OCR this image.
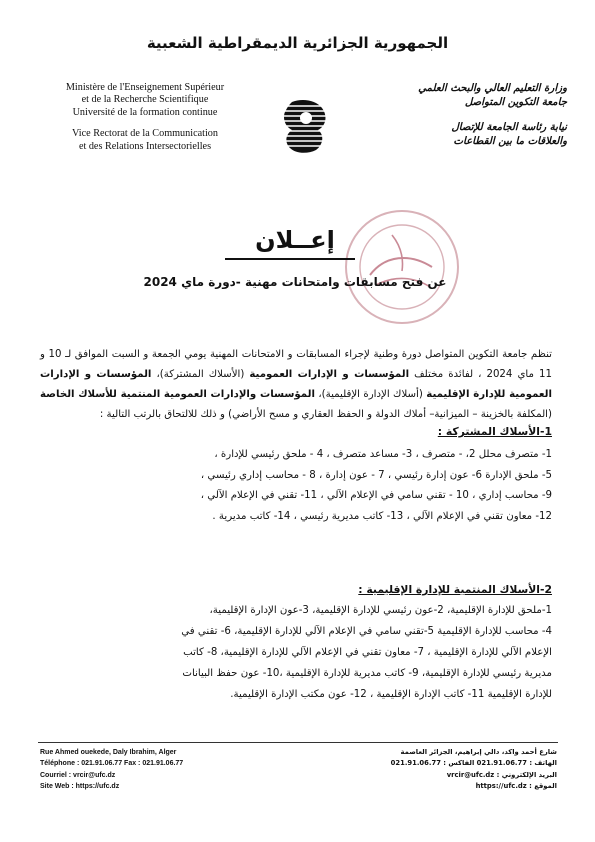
الجمهورية الجزائرية الديمقراطية الشعبية
Ministère de l'Enseignement Supérieur
et de la Recherche Scientifique
Université de la formation continue
Vice Rectorat de la Communication
et des Relations Intersectorielles
وزارة التعليم العالي والبحث العلمي
جامعة التكوين المتواصل
نيابة رئاسة الجامعة للإتصال
والعلاقات ما بين القطاعات
إعــلان
عن فتح مسابقات وامتحانات مهنية -دورة ماي 2024
تنظم جامعة التكوين المتواصل دورة وطنية لإجراء المسابقات و الامتحانات المهنية يومي الجمعة و السبت الموافق لـ 10 و 11 ماي 2024 ، لفائدة مختلف المؤسسات و الإدارات العمومية (الأسلاك المشتركة)، المؤسسات و الإدارات العمومية للإدارة الإقليمية (أسلاك الإدارة الإقليمية)، المؤسسات والإدارات العمومية المنتمية للأسلاك الخاصة (المكلفة بالخزينة – الميزانية– أملاك الدولة و الحفظ العقاري و مسح الأراضي) و ذلك للالتحاق بالرتب التالية :
1-الأسلاك المشتركة :
1- متصرف محلل 2، - متصرف ، 3- مساعد متصرف ، 4 - ملحق رئيسي للإدارة ،
5- ملحق الإدارة 6- عون إدارة رئيسي ، 7 - عون إدارة ، 8 - محاسب إداري رئيسي ،
9- محاسب إداري ، 10 - تقني سامي في الإعلام الآلي ، 11- تقني في الإعلام الآلي ،
12- معاون تقني في الإعلام الآلي ، 13- كاتب مديرية رئيسي ، 14- كاتب مديرية .
2-الأسلاك المنتمية للإدارة الإقليمية :
1-ملحق للإدارة الإقليمية، 2-عون رئيسي للإدارة الإقليمية، 3-عون الإدارة الإقليمية،
4- محاسب للإدارة الإقليمية 5-تقني سامي في الإعلام الآلي للإدارة الإقليمية، 6- تقني في
الإعلام الآلي للإدارة الإقليمية ، 7- معاون تقني في الإعلام الآلي للإدارة الإقليمية، 8- كاتب
مديرية رئيسي للإدارة الإقليمية، 9- كاتب مديرية للإدارة الإقليمية ،10- عون حفظ البيانات
للإدارة الإقليمية 11- كاتب الإدارة الإقليمية ، 12- عون مكتب الإدارة الإقليمية.
Rue Ahmed ouekede, Daly Ibrahim, Alger
Téléphone : 021.91.06.77 Fax : 021.91.06.77
Courriel : vrcir@ufc.dz
Site Web : https://ufc.dz
شارع أحمد واكد، دالي إبراهيم، الجزائر العاصمة
الهاتف : 021.91.06.77 الفاكس : 021.91.06.77
البريد الإلكتروني : vrcir@ufc.dz
الموقع : https://ufc.dz
